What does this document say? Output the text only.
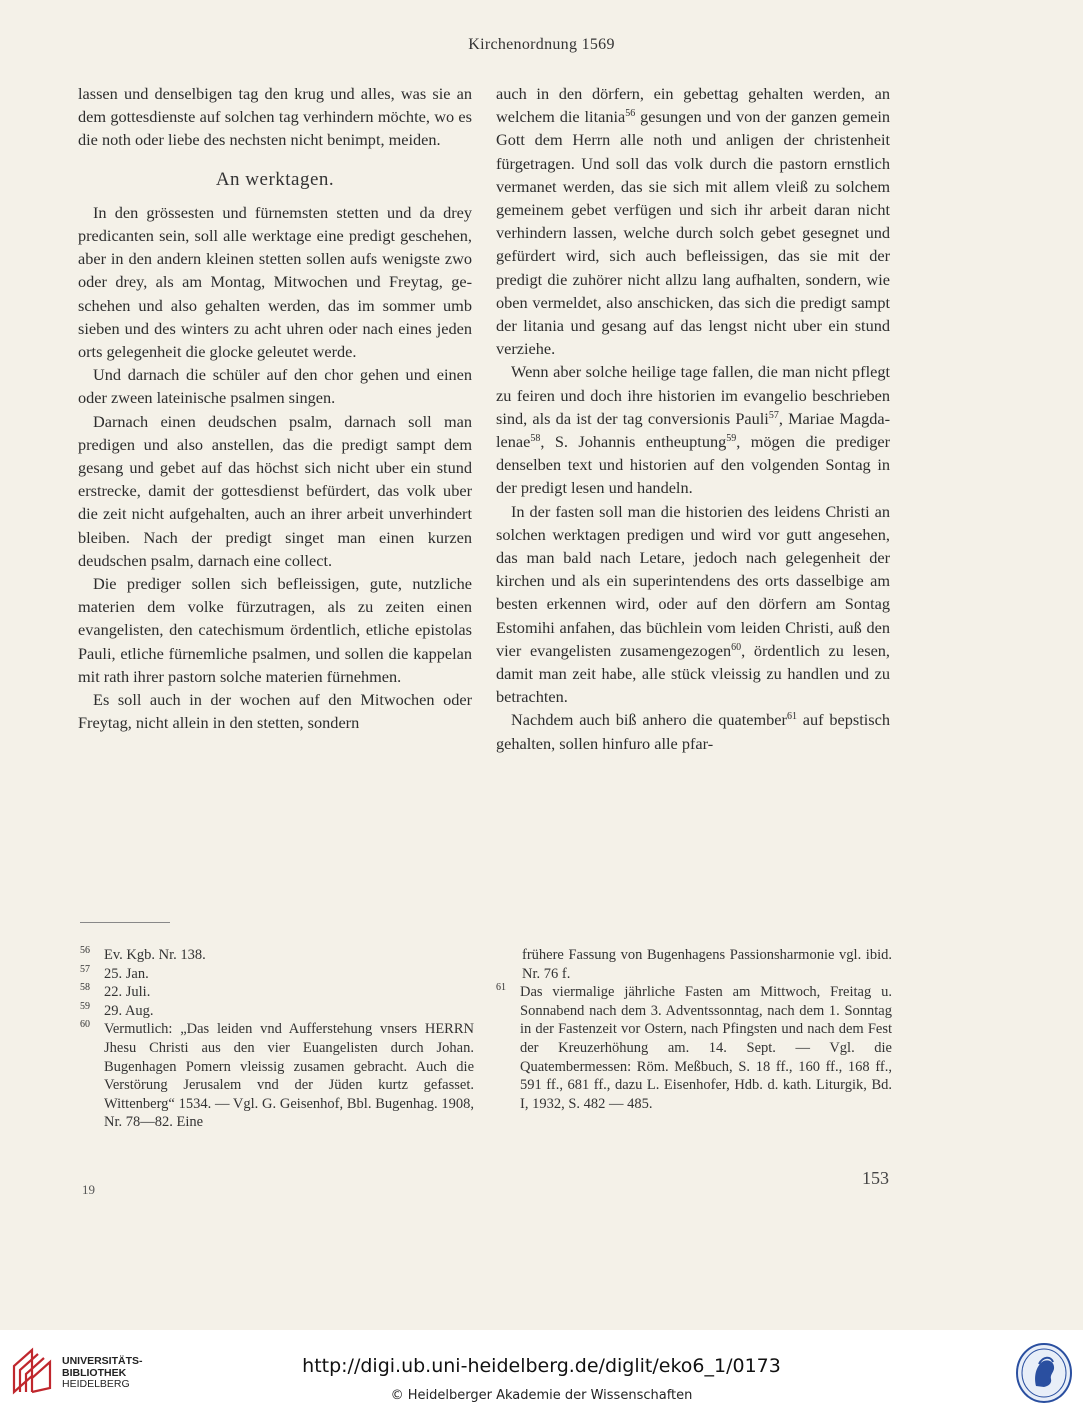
Kirchenordnung 1569

lassen und denselbigen tag den krug und alles, was sie an dem gottesdienste auf solchen tag verhindern möchte, wo es die noth oder liebe des nechsten nicht benimpt, meiden.

An werktagen.

In den grössesten und fürnemsten stetten und da drey predicanten sein, soll alle werktage eine predigt geschehen, aber in den andern kleinen stetten sollen aufs wenigste zwo oder drey, als am Montag, Mitwochen und Freytag, geschehen und also gehalten werden, das im sommer umb sieben und des winters zu acht uhren oder nach eines jeden orts gelegenheit die glocke geleutet werde.

Und darnach die schüler auf den chor gehen und einen oder zween lateinische psalmen singen.

Darnach einen deudschen psalm, darnach soll man predigen und also anstellen, das die predigt sampt dem gesang und gebet auf das höchst sich nicht uber ein stund erstrecke, damit der gottesdienst befürdert, das volk uber die zeit nicht aufgehalten, auch an ihrer arbeit unverhindert bleiben. Nach der predigt singet man einen kurzen deudschen psalm, darnach eine collect.

Die prediger sollen sich befleissigen, gute, nutzliche materien dem volke fürzutragen, als zu zeiten einen evangelisten, den catechismum ördentlich, etliche epistolas Pauli, etliche fürnemliche psalmen, und sollen die kappelan mit rath ihrer pastorn solche materien fürnehmen.

Es soll auch in der wochen auf den Mitwochen oder Freytag, nicht allein in den stetten, sondern

auch in den dörfern, ein gebettag gehalten werden, an welchem die litania$^{56}$ gesungen und von der ganzen gemein Gott dem Herrn alle noth und anligen der christenheit fürgetragen. Und soll das volk durch die pastorn ernstlich vermanet werden, das sie sich mit allem vleiß zu solchem gemeinem gebet verfügen und sich ihr arbeit daran nicht verhindern lassen, welche durch solch gebet gesegnet und gefürdert wird, sich auch befleissigen, das sie mit der predigt die zuhörer nicht allzu lang aufhalten, sondern, wie oben vermeldet, also anschicken, das sich die predigt sampt der litania und gesang auf das lengst nicht uber ein stund verziehe.

Wenn aber solche heilige tage fallen, die man nicht pflegt zu feiren und doch ihre historien im evangelio beschrieben sind, als da ist der tag conversionis Pauli$^{57}$, Mariae Magdalenae$^{58}$, S. Johannis entheuptung$^{59}$, mögen die prediger denselben text und historien auf den volgenden Sontag in der predigt lesen und handeln.

In der fasten soll man die historien des leidens Christi an solchen werktagen predigen und wird vor gutt angesehen, das man bald nach Letare, jedoch nach gelegenheit der kirchen und als ein superintendens des orts dasselbige am besten erkennen wird, oder auf den dörfern am Sontag Estomihi anfahen, das büchlein vom leiden Christi, auß den vier evangelisten zusamengezogen$^{60}$, ördentlich zu lesen, damit man zeit habe, alle stück vleissig zu handlen und zu betrachten.

Nachdem auch biß anhero die quatember$^{61}$ auf bepstisch gehalten, sollen hinfuro alle pfar-

$^{56}$ Ev. Kgb. Nr. 138.
$^{57}$ 25. Jan.
$^{58}$ 22. Juli.
$^{59}$ 29. Aug.
$^{60}$ Vermutlich: „Das leiden vnd Aufferstehung vnsers HERRN Jhesu Christi aus den vier Euangelisten durch Johan. Bugenhagen Pomern vleissig zusamen gebracht. Auch die Verstörung Jerusalem vnd der Jüden kurtz gefasset. Wittenberg“ 1534. — Vgl. G. Geisenhof, Bbl. Bugenhag. 1908, Nr. 78—82. Eine
frühere Fassung von Bugenhagens Passionsharmonie vgl. ibid. Nr. 76 f.
$^{61}$ Das viermalige jährliche Fasten am Mittwoch, Freitag u. Sonnabend nach dem 3. Adventssonntag, nach dem 1. Sonntag in der Fastenzeit vor Ostern, nach Pfingsten und nach dem Fest der Kreuzerhöhung am. 14. Sept. — Vgl. die Quatembermessen: Röm. Meßbuch, S. 18 ff., 160 ff., 168 ff., 591 ff., 681 ff., dazu L. Eisenhofer, Hdb. d. kath. Liturgik, Bd. I, 1932, S. 482 — 485.
19
153
UNIVERSITÄTS-
BIBLIOTHEK
HEIDELBERG
http://digi.ub.uni-heidelberg.de/diglit/eko6_1/0173
© Heidelberger Akademie der Wissenschaften
